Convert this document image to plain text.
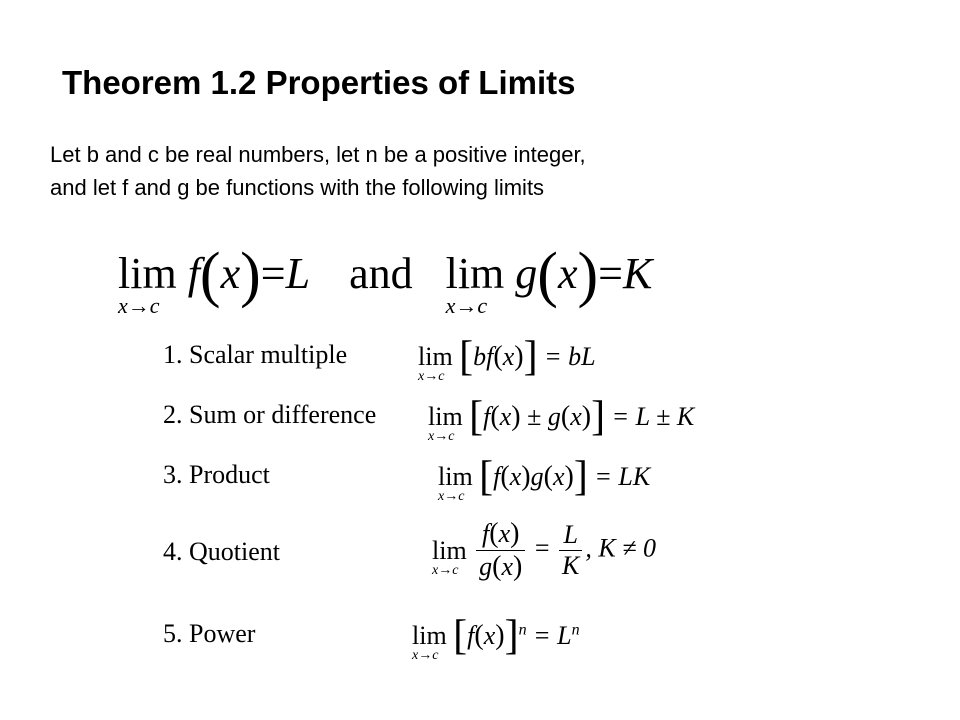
Theorem 1.2 Properties of Limits
Let b and c be real numbers, let n be a positive integer,
and let f and g be functions with the following limits
lim
x→c
f(x)=L and lim
x→c
g(x)=K
1. Scalar multiple	lim
x→c [bf(x)] = bL
2. Sum or difference lim
x→c [f(x) ± g(x)] = L ± K
3. Product	lim
x→c [f(x)g(x)] = LK
4. Quotient	lim
x→c
$\frac{f(x)}{g(x)} = \frac{L}{K}$ , K ≠ 0
5. Power	lim
x→c $[f(x)]^n = L^n$
